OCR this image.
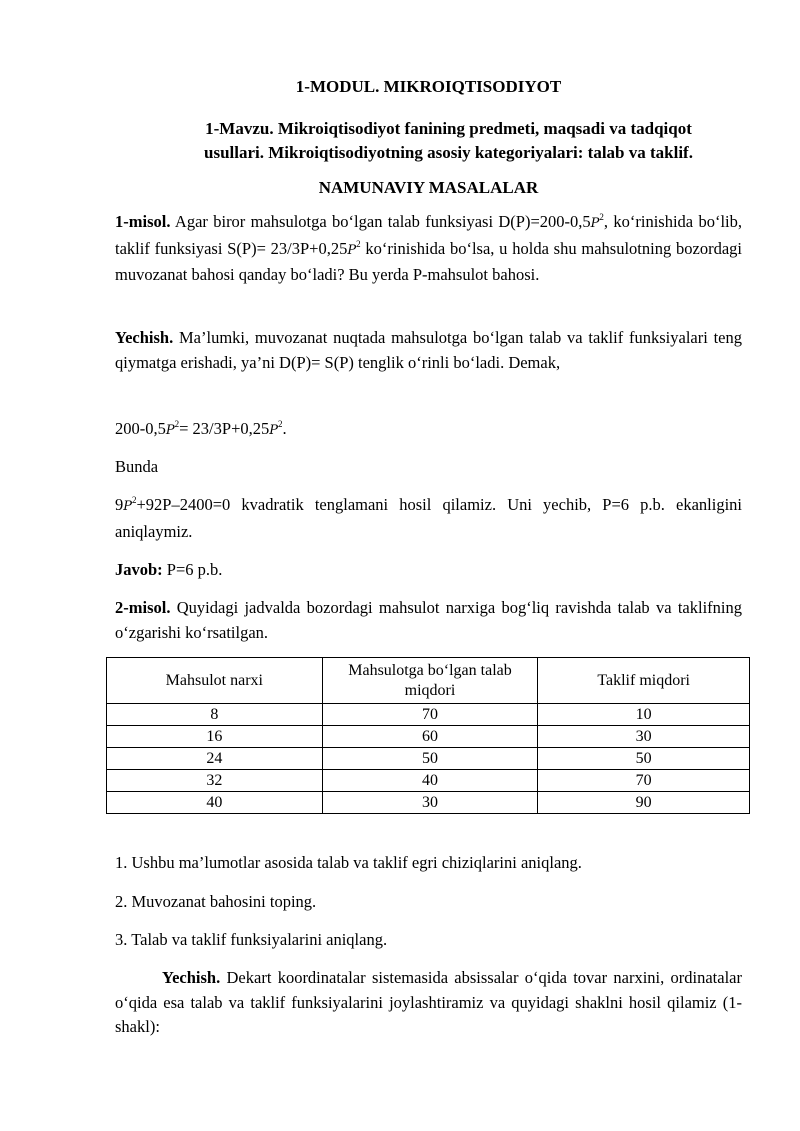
1-MODUL. MIKROIQTISODIYOT
1-Mavzu. Mikroiqtisodiyot fanining predmeti, maqsadi va tadqiqot
usullari. Mikroiqtisodiyotning asosiy kategoriyalari: talab va taklif.
NAMUNAVIY MASALALAR
1-misol. Agar biror mahsulotga bo‘lgan talab funksiyasi $D(P)=200-0,5P^2$, ko‘rinishida bo‘lib, taklif funksiyasi $S(P)= 23/3P+0,25P^2$ ko‘rinishida bo‘lsa, u holda shu mahsulotning bozordagi muvozanat bahosi qanday bo‘ladi? Bu yerda P-mahsulot bahosi.
Yechish. Ma’lumki, muvozanat nuqtada mahsulotga bo‘lgan talab va taklif funksiyalari teng qiymatga erishadi, ya’ni D(P)= S(P) tenglik o‘rinli bo‘ladi. Demak,
$200-0,5P^2= 23/3P+0,25P^2$.
Bunda
$9P^2+92P-2400=0$ kvadratik tenglamani hosil qilamiz. Uni yechib, P=6 p.b. ekanligini aniqlaymiz.
Javob: P=6 p.b.
2-misol. Quyidagi jadvalda bozordagi mahsulot narxiga bog‘liq ravishda talab va taklifning o‘zgarishi ko‘rsatilgan.
Mahsulot narxi	Mahsulotga bo‘lgan talab miqdori	Taklif miqdori
8	70	10
16	60	30
24	50	50
32	40	70
40	30	90
1. Ushbu ma’lumotlar asosida talab va taklif egri chiziqlarini aniqlang.
2. Muvozanat bahosini toping.
3. Talab va taklif funksiyalarini aniqlang.
Yechish. Dekart koordinatalar sistemasida absissalar o‘qida tovar narxini, ordinatalar o‘qida esa talab va taklif funksiyalarini joylashtiramiz va quyidagi shaklni hosil qilamiz (1-shakl):
